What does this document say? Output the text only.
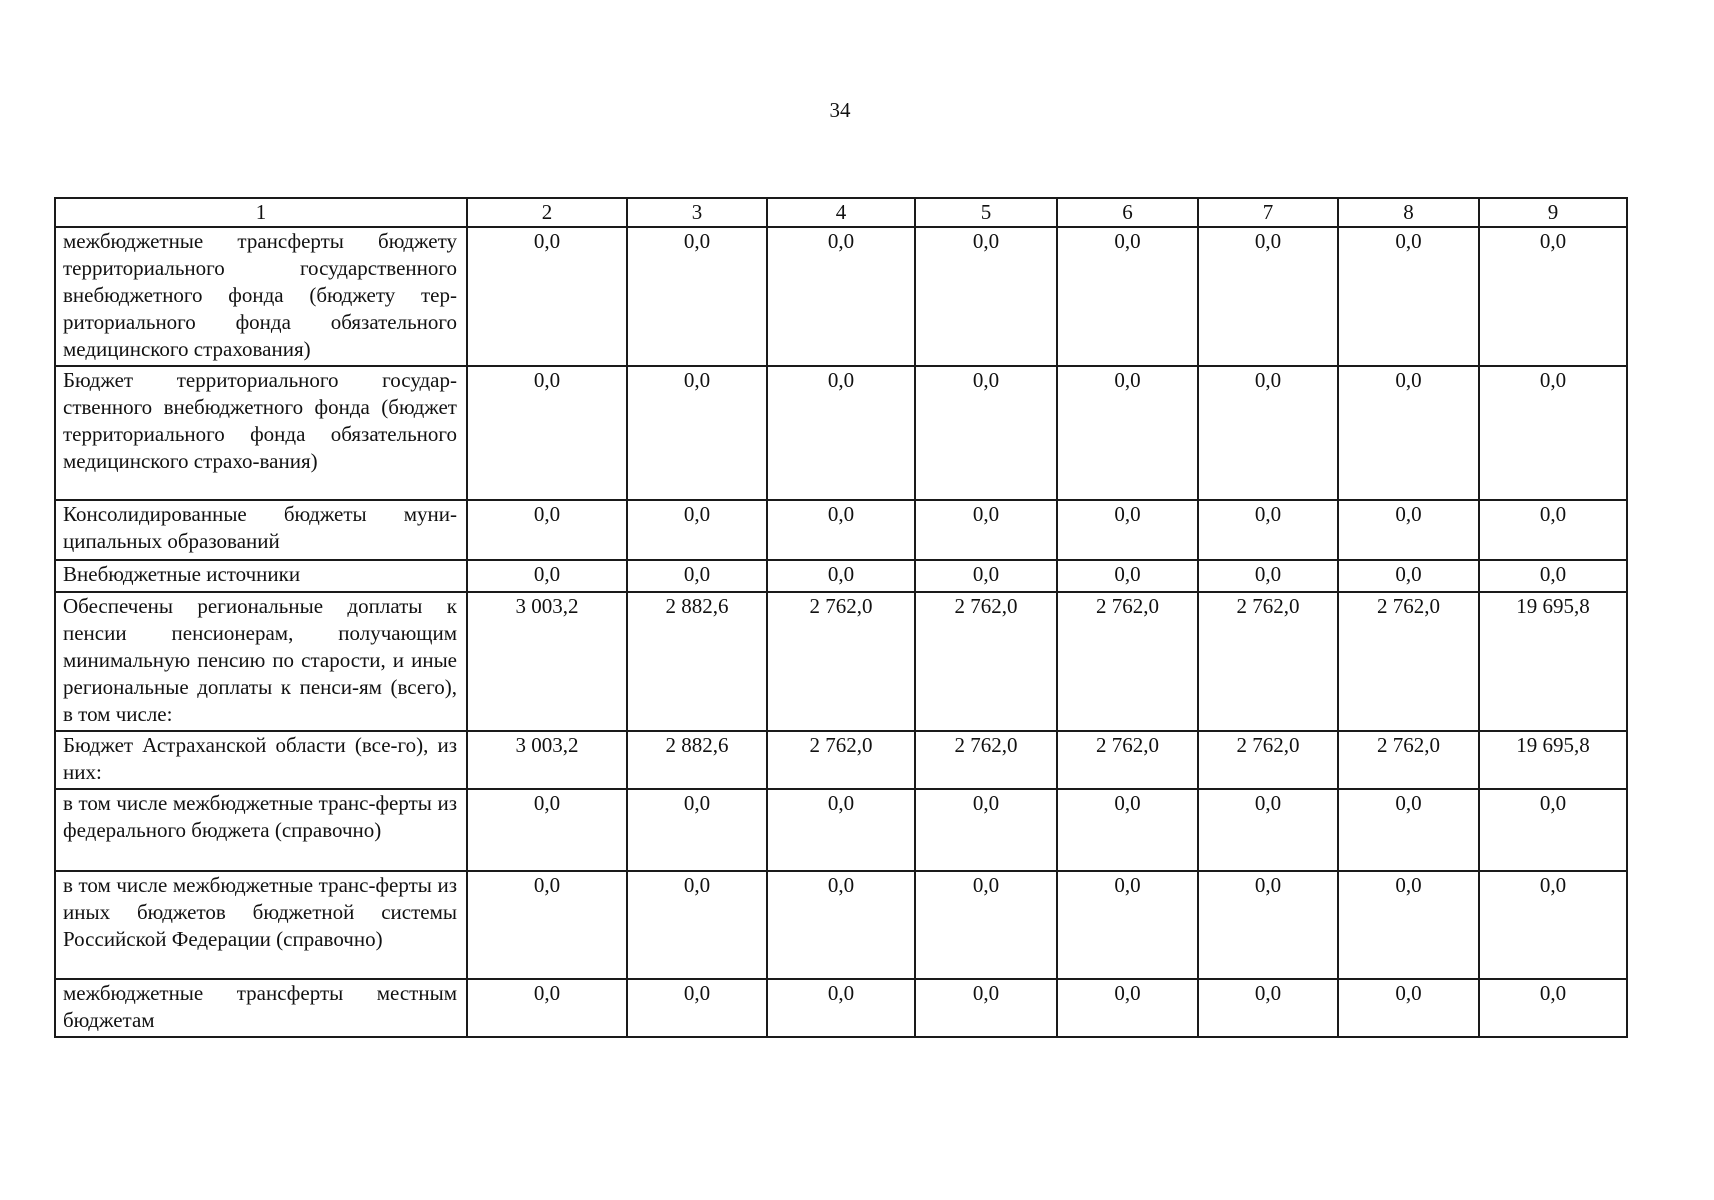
34
1	2	3	4	5	6	7	8	9
межбюджетные трансферты бюджету территориального государственного внебюджетного фонда (бюджету тер-риториального фонда обязательного медицинского страхования)	0,0	0,0	0,0	0,0	0,0	0,0	0,0	0,0
Бюджет территориального государ-ственного внебюджетного фонда (бюджет территориального фонда обязательного медицинского страхо-вания)	0,0	0,0	0,0	0,0	0,0	0,0	0,0	0,0
Консолидированные бюджеты муни-ципальных образований	0,0	0,0	0,0	0,0	0,0	0,0	0,0	0,0
Внебюджетные источники	0,0	0,0	0,0	0,0	0,0	0,0	0,0	0,0
Обеспечены региональные доплаты к пенсии пенсионерам, получающим минимальную пенсию по старости, и иные региональные доплаты к пенси-ям (всего), в том числе:	3 003,2	2 882,6	2 762,0	2 762,0	2 762,0	2 762,0	2 762,0	19 695,8
Бюджет Астраханской области (все-го), из них:	3 003,2	2 882,6	2 762,0	2 762,0	2 762,0	2 762,0	2 762,0	19 695,8
в том числе межбюджетные транс-ферты из федерального бюджета (справочно)	0,0	0,0	0,0	0,0	0,0	0,0	0,0	0,0
в том числе межбюджетные транс-ферты из иных бюджетов бюджетной системы Российской Федерации (справочно)	0,0	0,0	0,0	0,0	0,0	0,0	0,0	0,0
межбюджетные трансферты местным бюджетам	0,0	0,0	0,0	0,0	0,0	0,0	0,0	0,0
